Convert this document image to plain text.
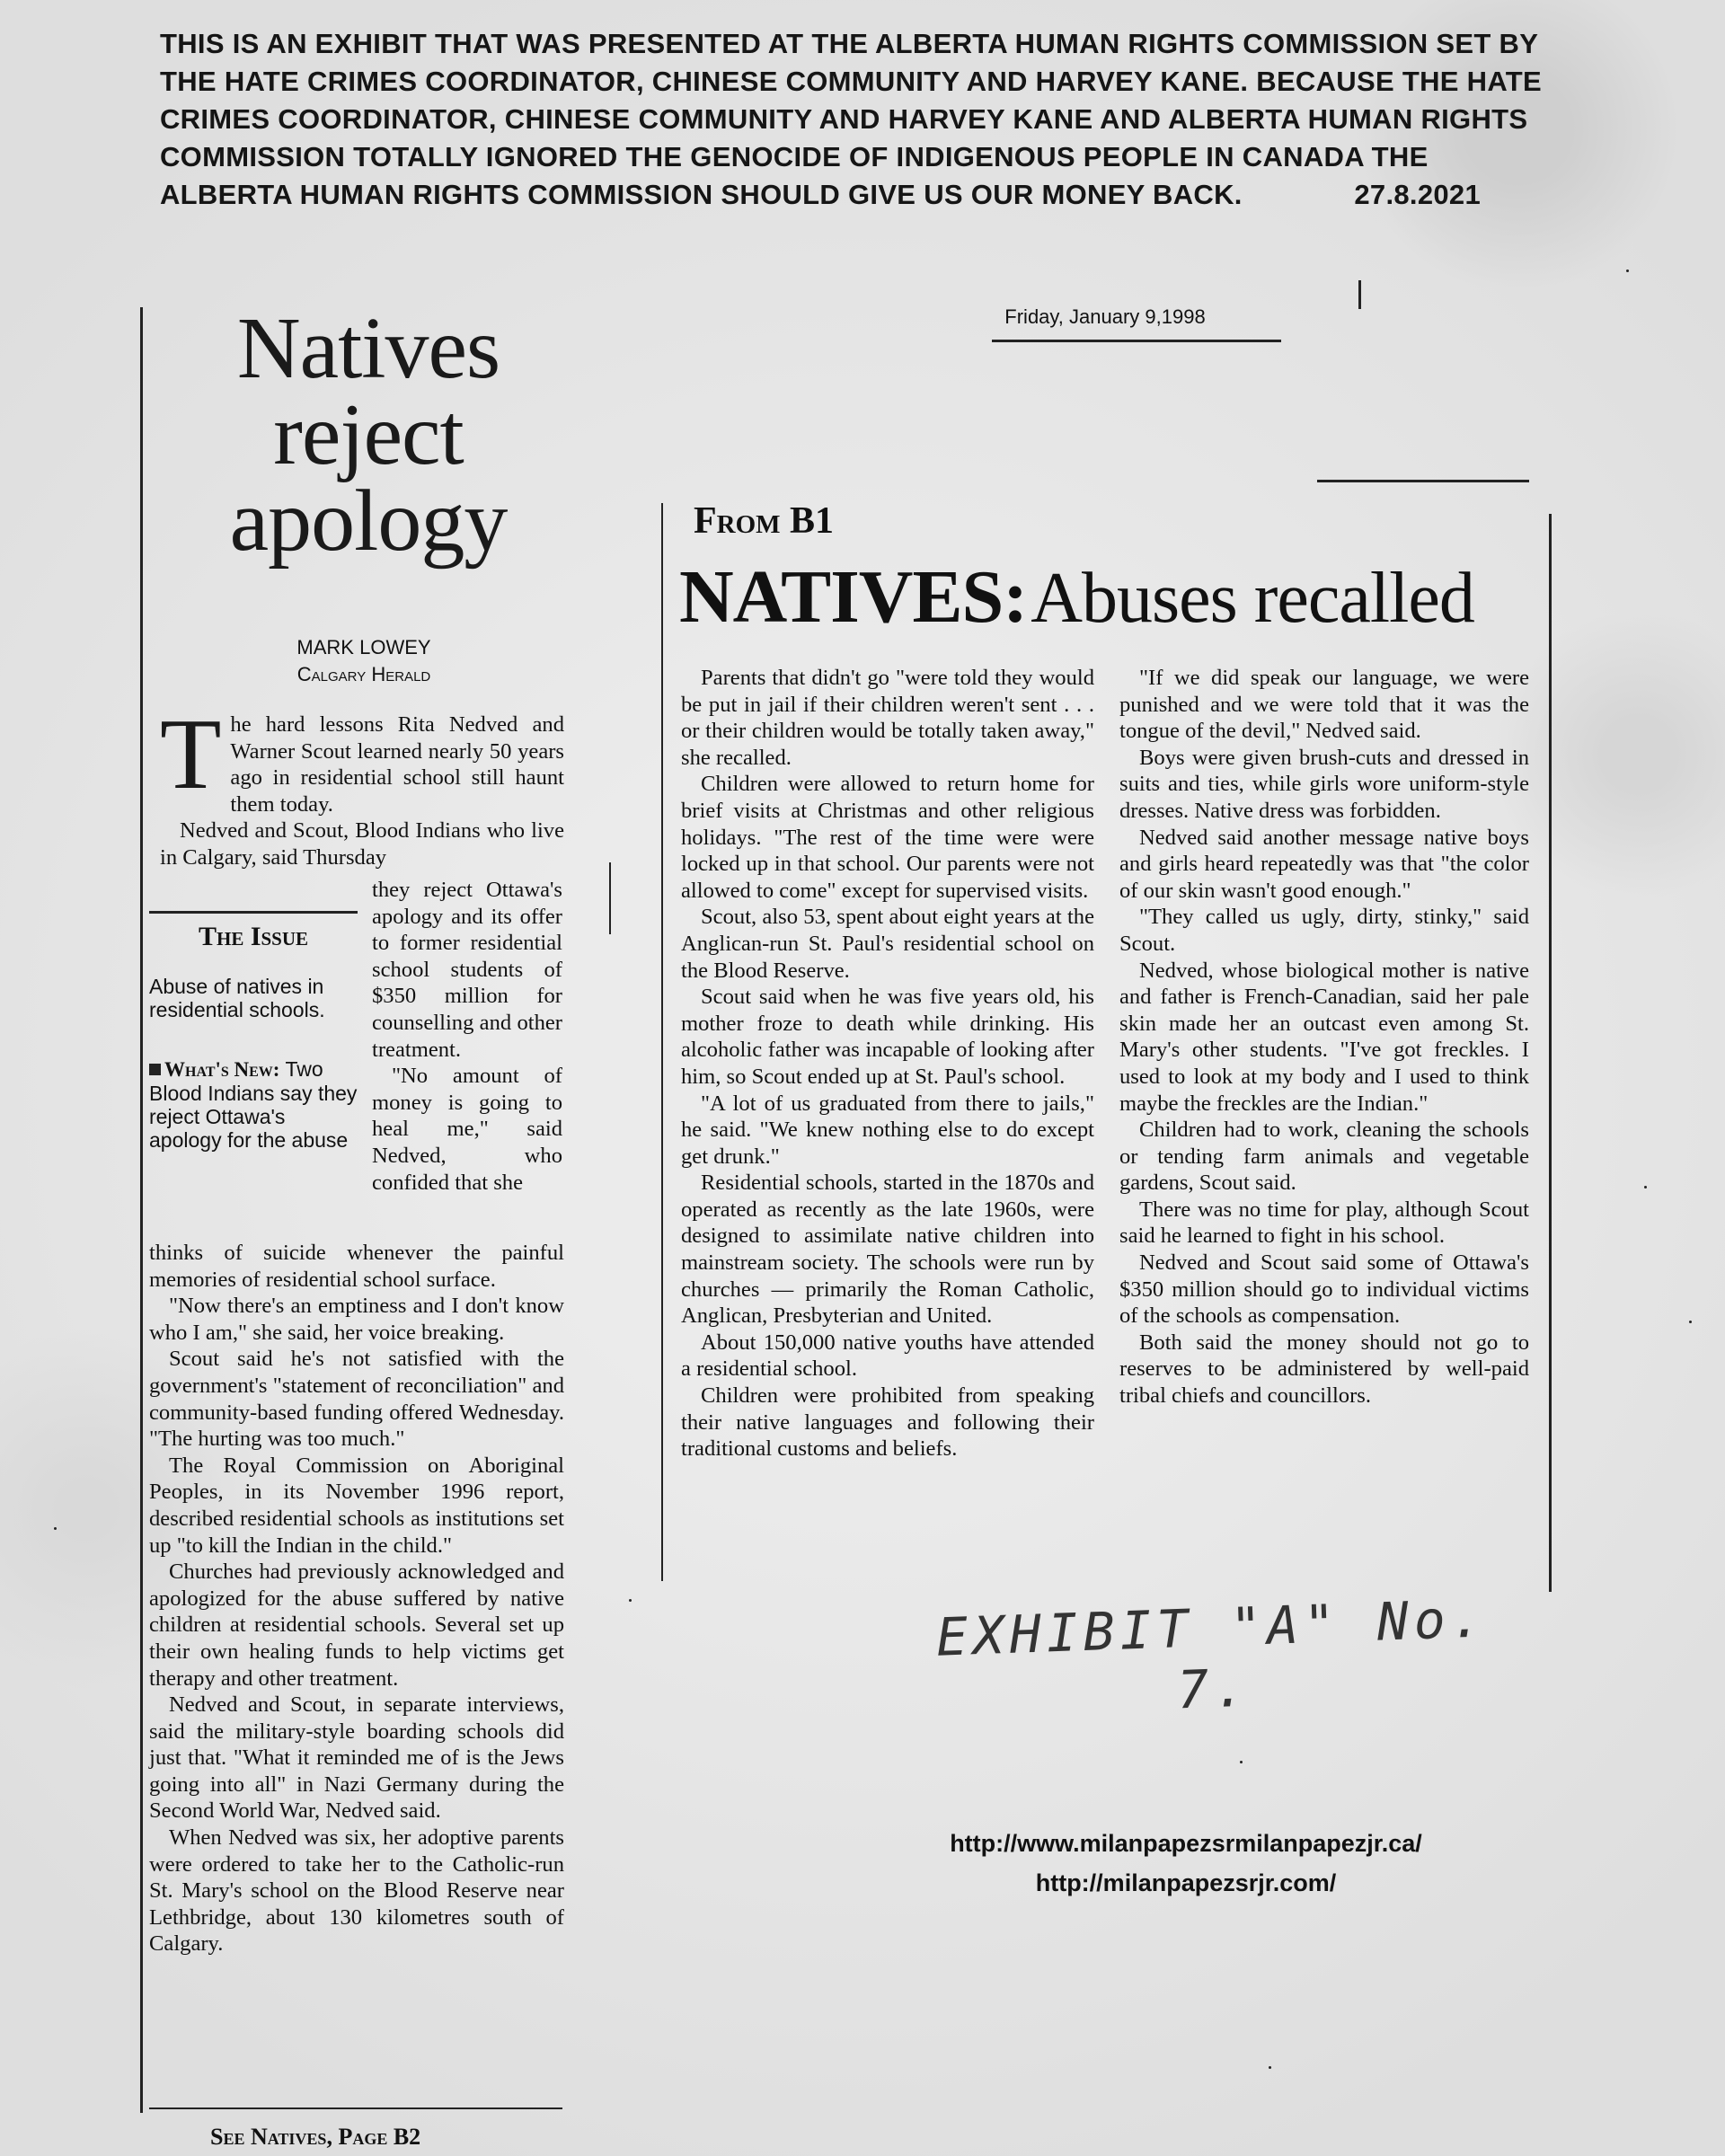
THIS IS AN EXHIBIT THAT WAS PRESENTED AT THE ALBERTA HUMAN RIGHTS COMMISSION SET BY THE HATE CRIMES COORDINATOR, CHINESE COMMUNITY AND HARVEY KANE. BECAUSE THE HATE CRIMES COORDINATOR, CHINESE COMMUNITY AND HARVEY KANE AND ALBERTA HUMAN RIGHTS COMMISSION TOTALLY IGNORED THE GENOCIDE OF INDIGENOUS PEOPLE IN CANADA THE ALBERTA HUMAN RIGHTS COMMISSION SHOULD GIVE US OUR MONEY BACK.	27.8.2021
Friday, January 9,1998
Natives reject apology
MARK LOWEY
Calgary Herald

The hard lessons Rita Nedved and Warner Scout learned nearly 50 years ago in residential school still haunt them today.

Nedved and Scout, Blood Indians who live in Calgary, said Thursday

The Issue
Abuse of natives in residential schools.
What's New: Two Blood Indians say they reject Ottawa's apology for the abuse

they reject Ottawa's apology and its offer to former residential school students of $350 million for counselling and other treatment.

"No amount of money is going to heal me," said Nedved, who confided that she

thinks of suicide whenever the painful memories of residential school surface.

"Now there's an emptiness and I don't know who I am," she said, her voice breaking.

Scout said he's not satisfied with the government's "statement of reconciliation" and community-based funding offered Wednesday. "The hurting was too much."

The Royal Commission on Aboriginal Peoples, in its November 1996 report, described residential schools as institutions set up "to kill the Indian in the child."

Churches had previously acknowledged and apologized for the abuse suffered by native children at residential schools. Several set up their own healing funds to help victims get therapy and other treatment.

Nedved and Scout, in separate interviews, said the military-style boarding schools did just that. "What it reminded me of is the Jews going into all" in Nazi Germany during the Second World War, Nedved said.

When Nedved was six, her adoptive parents were ordered to take her to the Catholic-run St. Mary's school on the Blood Reserve near Lethbridge, about 130 kilometres south of Calgary.

See Natives, Page B2
From B1
NATIVES: Abuses recalled

Parents that didn't go "were told they would be put in jail if their children weren't sent . . . or their children would be totally taken away," she recalled.

Children were allowed to return home for brief visits at Christmas and other religious holidays. "The rest of the time were were locked up in that school. Our parents were not allowed to come" except for supervised visits.

Scout, also 53, spent about eight years at the Anglican-run St. Paul's residential school on the Blood Reserve.

Scout said when he was five years old, his mother froze to death while drinking. His alcoholic father was incapable of looking after him, so Scout ended up at St. Paul's school.

"A lot of us graduated from there to jails," he said. "We knew nothing else to do except get drunk."

Residential schools, started in the 1870s and operated as recently as the late 1960s, were designed to assimilate native children into mainstream society. The schools were run by churches — primarily the Roman Catholic, Anglican, Presbyterian and United.

About 150,000 native youths have attended a residential school.

Children were prohibited from speaking their native languages and following their traditional customs and beliefs.

"If we did speak our language, we were punished and we were told that it was the tongue of the devil," Nedved said.

Boys were given brush-cuts and dressed in suits and ties, while girls wore uniform-style dresses. Native dress was forbidden.

Nedved said another message native boys and girls heard repeatedly was that "the color of our skin wasn't good enough."

"They called us ugly, dirty, stinky," said Scout.

Nedved, whose biological mother is native and father is French-Canadian, said her pale skin made her an outcast even among St. Mary's other students. "I've got freckles. I used to look at my body and I used to think maybe the freckles are the Indian."

Children had to work, cleaning the schools or tending farm animals and vegetable gardens, Scout said.

There was no time for play, although Scout said he learned to fight in his school.

Nedved and Scout said some of Ottawa's $350 million should go to individual victims of the schools as compensation.

Both said the money should not go to reserves to be administered by well-paid tribal chiefs and councillors.

EXHIBIT "A" No. 7.
http://www.milanpapezsrmilanpapezjr.ca/
http://milanpapezsrjr.com/
